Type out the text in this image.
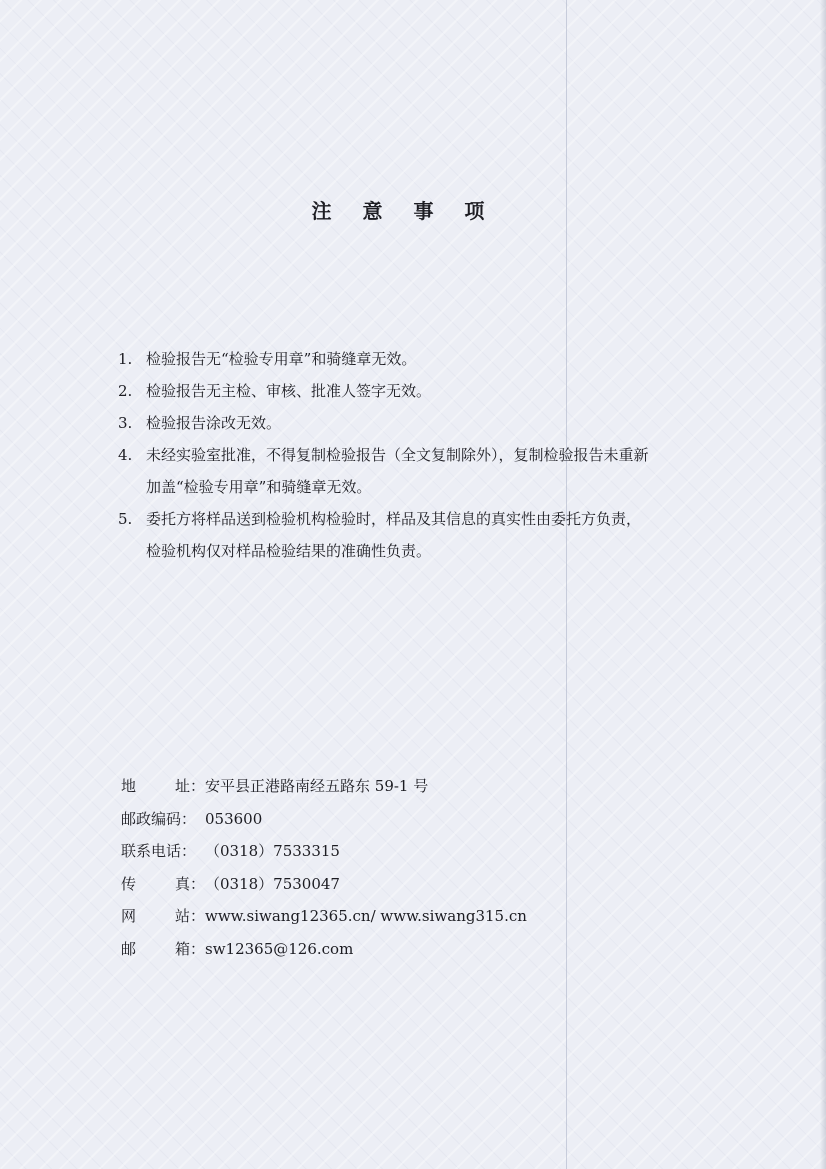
注 意 事 项
1. 检验报告无“检验专用章”和骑缝章无效。
2. 检验报告无主检、审核、批准人签字无效。
3. 检验报告涂改无效。
4. 未经实验室批准，不得复制检验报告（全文复制除外），复制检验报告未重新
加盖“检验专用章”和骑缝章无效。
5. 委托方将样品送到检验机构检验时，样品及其信息的真实性由委托方负责，
检验机构仅对样品检验结果的准确性负责。
地	址： 安平县正港路南经五路东 59-1 号
邮政编码： 053600
联系电话： （0318）7533315
传	真： （0318）7530047
网	站： www.siwang12365.cn/ www.siwang315.cn
邮	箱： sw12365@126.com
